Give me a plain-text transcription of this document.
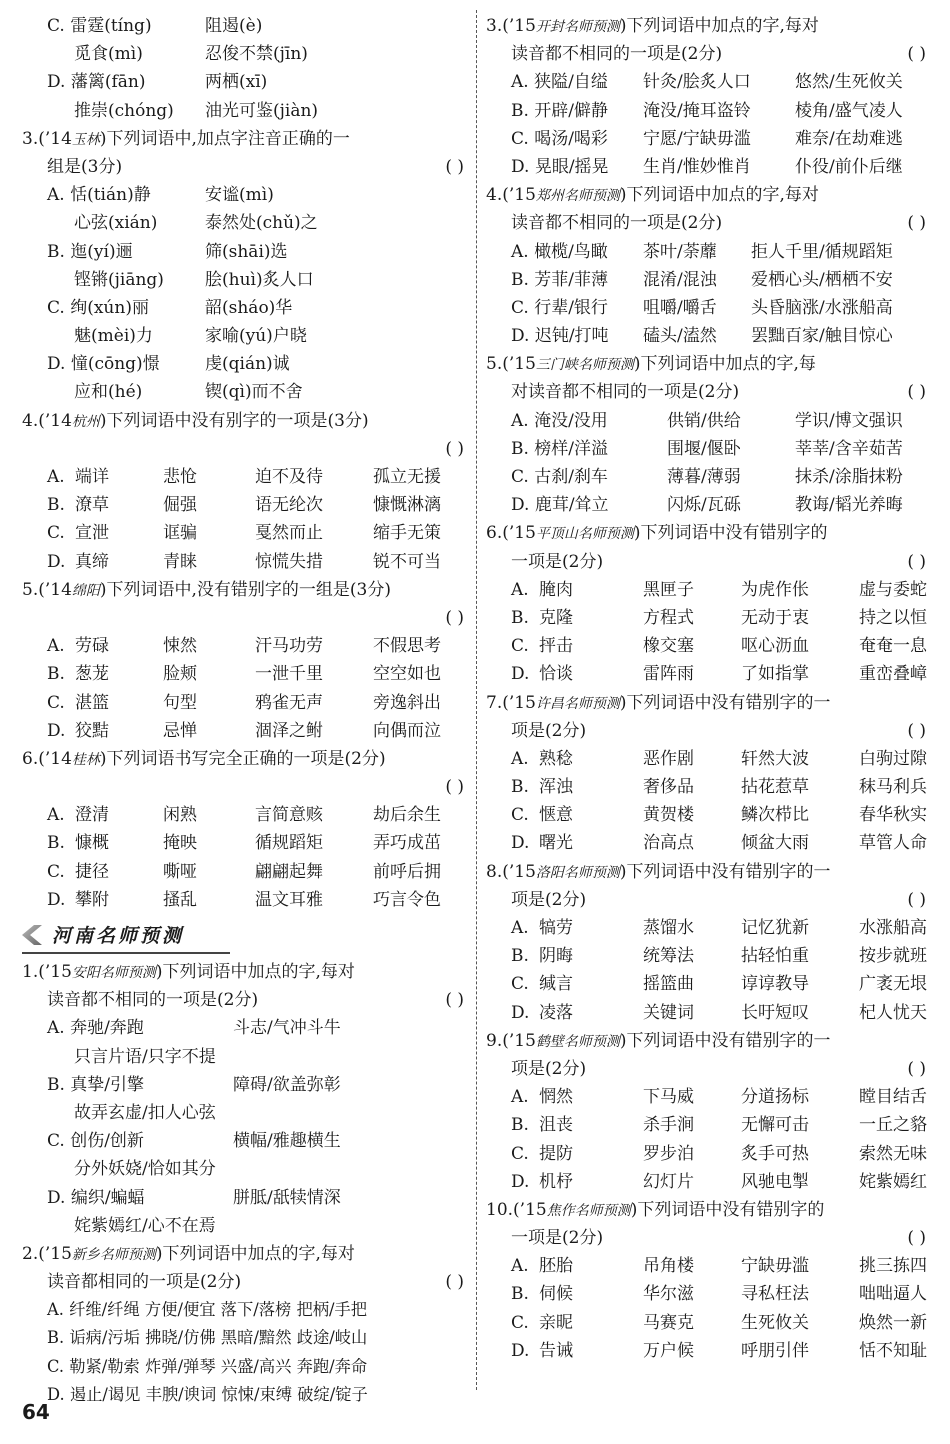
C. 雷霆(tíng)	阻遏(è)
觅食(mì)	忍俊不禁(jīn)
D. 藩篱(fān)	两栖(xī)
推崇(chóng) 油光可鉴(jiàn)
3.(’14玉林)下列词语中,加点字注音正确的一
组是(3分)	( )
A. 恬(tián)静	安谧(mì)
心弦(xián)	泰然处(chǔ)之
B. 迤(yí)逦	筛(shāi)选
铿锵(jiāng) 脍(huì)炙人口
C. 绚(xún)丽	韶(sháo)华
魅(mèi)力	家喻(yú)户晓
D. 憧(cōng)憬	虔(qián)诚
应和(hé)	锲(qì)而不舍
4.(’14杭州)下列词语中没有别字的一项是(3分)
( )
A. 端详	悲怆	迫不及待	孤立无援
B. 潦草	倔强	语无纶次	慷慨淋漓
C. 宣泄	诓骗	戛然而止	缩手无策
D. 真缔	青睐	惊慌失措	锐不可当
5.(’14绵阳)下列词语中,没有错别字的一组是(3分)
( )
A. 劳碌	悚然	汗马功劳	不假思考
B. 葱茏	脸颊	一泄千里	空空如也
C. 湛篮	句型	鸦雀无声	旁逸斜出
D. 狡黠	忌惮	涸泽之鲋	向偶而泣
6.(’14桂林)下列词语书写完全正确的一项是(2分)
( )
A. 澄清	闲熟	言简意赅	劫后余生
B. 慷概	掩映	循规蹈矩	弄巧成茁
C. 捷径	嘶哑	翩翩起舞	前呼后拥
D. 攀附	搔乱	温文耳雅	巧言令色
河南名师预测
1.(’15安阳名师预测)下列词语中加点的字,每对
读音都不相同的一项是(2分)	( )
A. 奔驰/奔跑	斗志/气冲斗牛
只言片语/只字不提
B. 真挚/引擎	障碍/欲盖弥彰
故弄玄虚/扣人心弦
C. 创伤/创新	横幅/雅趣横生
分外妖娆/恰如其分
D. 编织/蝙蝠	胼胝/舐犊情深
姹紫嫣红/心不在焉
2.(’15新乡名师预测)下列词语中加点的字,每对
读音都相同的一项是(2分)	( )
A. 纤维/纤绳 方便/便宜 落下/落榜 把柄/手把
B. 诟病/污垢 拂晓/仿佛 黑暗/黯然 歧途/岐山
C. 勒紧/勒索 炸弹/弹琴 兴盛/高兴 奔跑/奔命
D. 遏止/谒见 丰腴/谀词 惊悚/束缚 破绽/锭子
3.(’15开封名师预测)下列词语中加点的字,每对
读音都不相同的一项是(2分)	( )
A. 狭隘/自缢 针灸/脍炙人口	悠然/生死攸关
B. 开辟/僻静 淹没/掩耳盗铃	棱角/盛气凌人
C. 喝汤/喝彩 宁愿/宁缺毋滥	难奈/在劫难逃
D. 晃眼/摇晃 生肖/惟妙惟肖	仆役/前仆后继
4.(’15郑州名师预测)下列词语中加点的字,每对
读音都不相同的一项是(2分)	( )
A. 橄榄/鸟瞰 茶叶/荼蘼 拒人千里/循规蹈矩
B. 芳菲/菲薄 混淆/混浊 爱栖心头/栖栖不安
C. 行辈/银行 咀嚼/嚼舌 头昏脑涨/水涨船高
D. 迟钝/打吨 磕头/溘然 罢黜百家/触目惊心
5.(’15三门峡名师预测)下列词语中加点的字,每
对读音都不相同的一项是(2分)	( )
A. 淹没/没用	供销/供给	学识/博文强识
B. 榜样/洋溢	围堰/偃卧	莘莘/含辛茹苦
C. 古刹/刹车	薄暮/薄弱	抹杀/涂脂抹粉
D. 鹿茸/耸立	闪烁/瓦砾	教诲/韬光养晦
6.(’15平顶山名师预测)下列词语中没有错别字的
一项是(2分)	( )
A. 腌肉	黑匣子	为虎作伥	虚与委蛇
B. 克隆	方程式	无动于衷	持之以恒
C. 抨击	橡交塞	呕心沥血	奄奄一息
D. 恰谈	雷阵雨	了如指掌	重峦叠嶂
7.(’15许昌名师预测)下列词语中没有错别字的一
项是(2分)	( )
A. 熟稔	恶作剧	轩然大波	白驹过隙
B. 浑浊	奢侈品	拈花惹草	秣马利兵
C. 惬意	黄贺楼	鳞次栉比	春华秋实
D. 曙光	治高点	倾盆大雨	草管人命
8.(’15洛阳名师预测)下列词语中没有错别字的一
项是(2分)	( )
A. 犒劳	蒸馏水	记忆犹新	水涨船高
B. 阴晦	统筹法	拈轻怕重	按步就班
C. 缄言	摇篮曲	谆谆教导	广袤无垠
D. 凌落	关键词	长吁短叹	杞人忧天
9.(’15鹤壁名师预测)下列词语中没有错别字的一
项是(2分)	( )
A. 惘然	下马威	分道扬标	瞠目结舌
B. 沮丧	杀手涧	无懈可击	一丘之貉
C. 提防	罗步泊	炙手可热	索然无味
D. 机杼	幻灯片	风驰电掣	姹紫嫣红
10.(’15焦作名师预测)下列词语中没有错别字的
一项是(2分)	( )
A. 胚胎	吊角楼	宁缺毋滥	挑三拣四
B. 伺候	华尔滋	寻私枉法	咄咄逼人
C. 亲昵	马赛克	生死攸关	焕然一新
D. 告诫	万户候	呼朋引伴	恬不知耻
64
